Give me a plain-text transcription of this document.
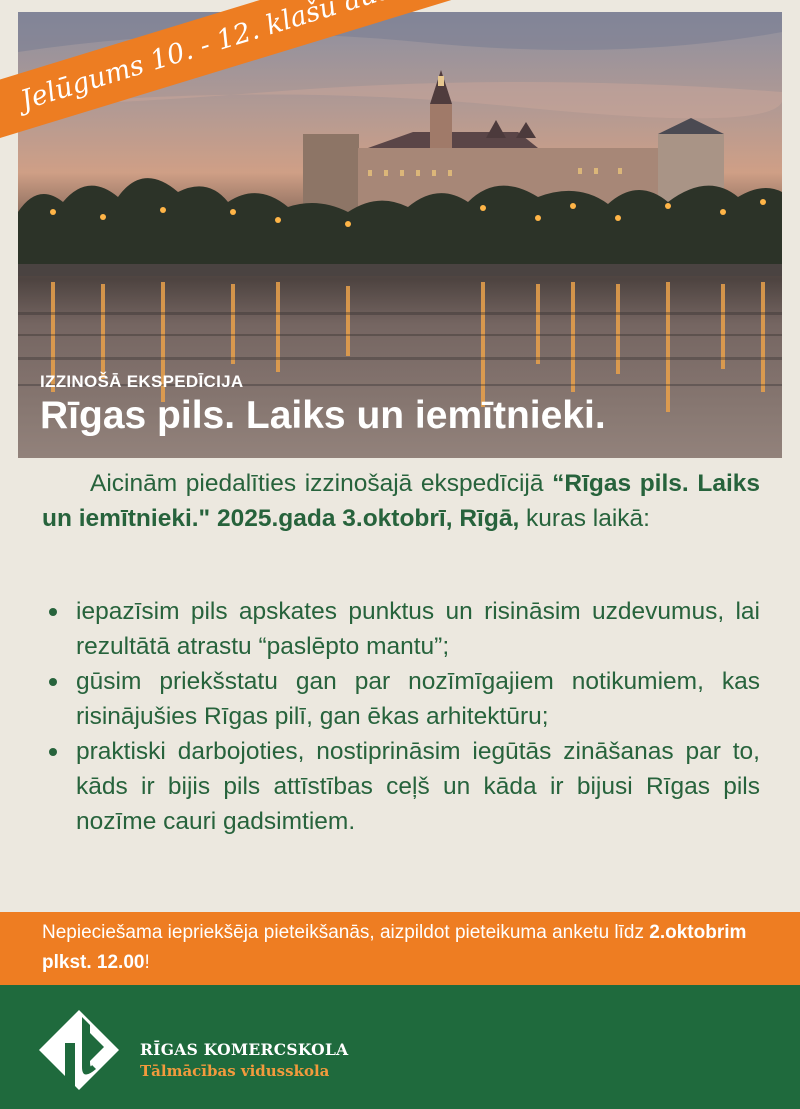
IZZINOŠĀ EKSPEDĪCIJA

Rīgas pils. Laiks un iemītnieki.

Aicinām piedalīties izzinošajā ekspedīcijā “Rīgas pils. Laiks un iemītnieki." 2025.gada 3.oktobrī, Rīgā, kuras laikā:

iepazīsim pils apskates punktus un risināsim uzdevumus, lai rezultātā atrastu “paslēpto mantu”;
gūsim priekšstatu gan par nozīmīgajiem notikumiem, kas risinājušies Rīgas pilī, gan ēkas arhitektūru;
praktiski darbojoties, nostiprināsim iegūtās zināšanas par to, kāds ir bijis pils attīstības ceļš un kāda ir bijusi Rīgas pils nozīme cauri gadsimtiem.

Nepieciešama iepriekšēja pieteikšanās, aizpildot pieteikuma anketu līdz 2.oktobrim plkst. 12.00!

RĪGAS KOMERCSKOLA

Tālmācības vidusskola
